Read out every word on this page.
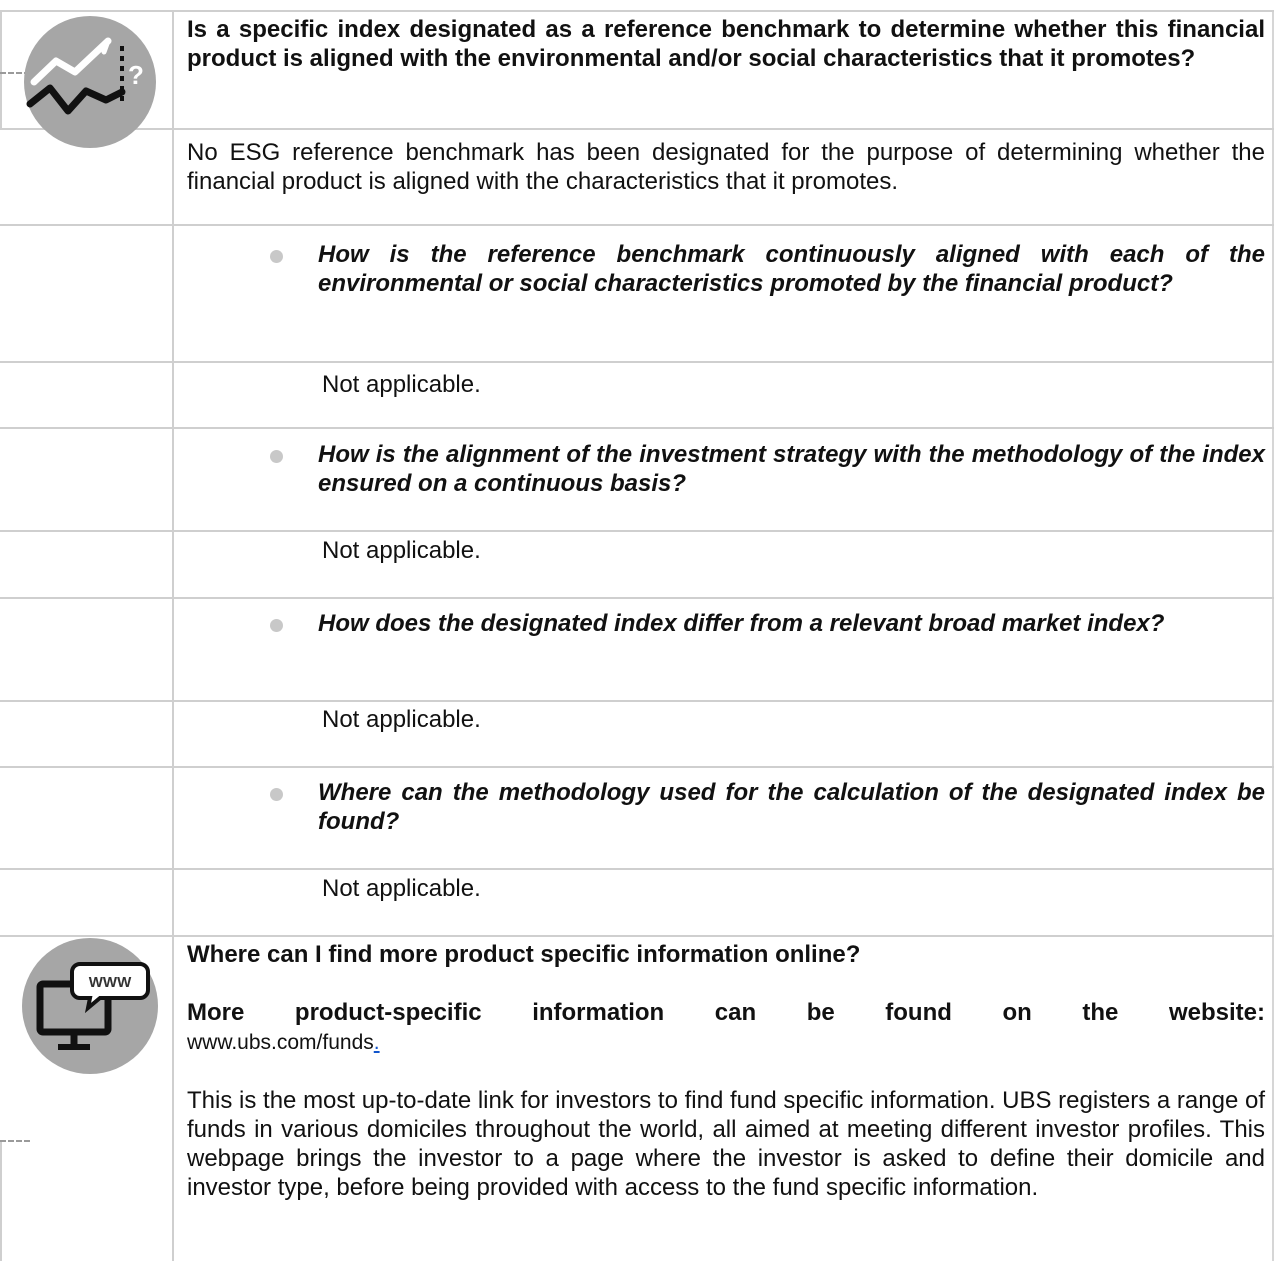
?
Is a specific index designated as a reference benchmark to determine whether this financial product is aligned with the environmental and/or social characteristics that it promotes?
No ESG reference benchmark has been designated for the purpose of determining whether the financial product is aligned with the characteristics that it promotes.
How is the reference benchmark continuously aligned with each of the environmental or social characteristics promoted by the financial product?
Not applicable.
How is the alignment of the investment strategy with the methodology of the index ensured on a continuous basis?
Not applicable.
How does the designated index differ from a relevant broad market index?
Not applicable.
Where can the methodology used for the calculation of the designated index be found?
Not applicable.
WWW
Where can I find more product specific information online?
More product-specific information can be found on the website:
www.ubs.com/funds.
This is the most up-to-date link for investors to find fund specific information. UBS registers a range of funds in various domiciles throughout the world, all aimed at meeting different investor profiles. This webpage brings the investor to a page where the investor is asked to define their domicile and investor type, before being provided with access to the fund specific information.
